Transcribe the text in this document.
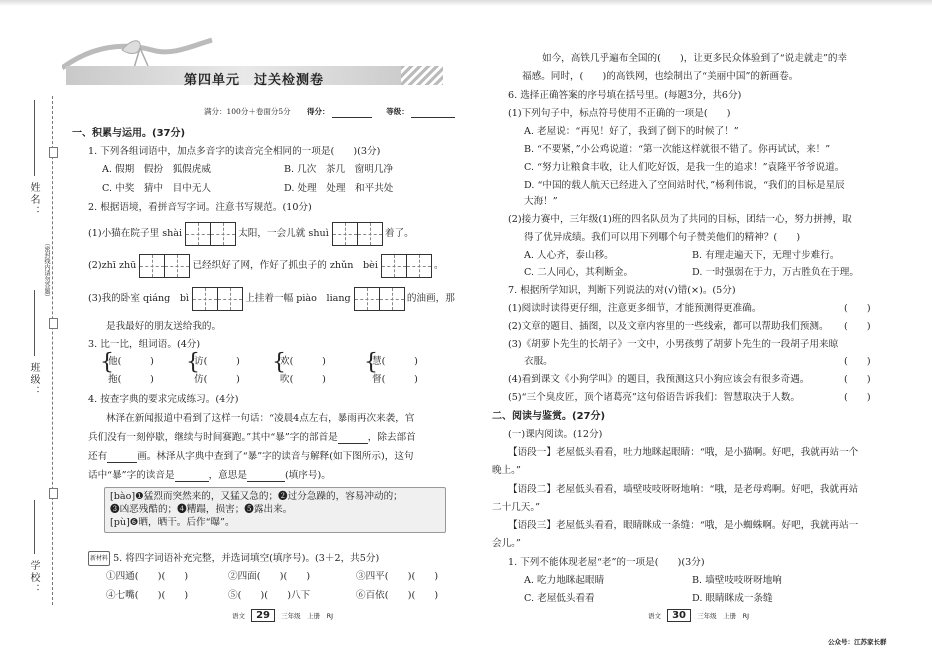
姓名：
班级：
学校：
（密封线内请勿答题）
第四单元　过关检测卷
满分：100分＋卷面分5分 得分：	等级：
一、积累与运用。(37分)
1. 下列各组词语中，加点多音字的读音完全相同的一项是(　　)(3分)
A. 假期　假扮　狐假虎威	B. 几次　茶几　窗明几净
C. 中奖　猜中　目中无人	D. 处理　处理　和平共处
2. 根据语境，看拼音写字词。注意书写规范。(10分)
(1)小猫在院子里 shài	太阳，一会儿就 shuì	着了。
(2)zhī zhū	已经织好了网，作好了抓虫子的 zhǔn　bèi	。
(3)我的卧室 qiáng　bì	上挂着一幅 piào　liang	的油画，那
是我最好的朋友送给我的。
3. 比一比，组词语。(4分)
{
他(　　　)
拖(　　　)
{
访(　　　)
仿(　　　)
{
欢(　　　)
吹(　　　)
{
慧(　　　)
督(　　　)
4. 按查字典的要求完成练习。(4分)
林泽在新闻报道中看到了这样一句话：“凌晨4点左右，暴雨再次来袭，官
兵们没有一刻停歇，继续与时间赛跑。”其中“暴”字的部首是	，除去部首
还有	画。林泽从字典中查到了“暴”字的读音与解释(如下图所示)，这句
话中“暴”字的读音是	，意思是	(填序号)。
[bào]❶猛烈而突然来的，又猛又急的；❷过分急躁的，容易冲动的；
❸凶恶残酷的；❹糟蹋，损害；❺露出来。
[pù]❻晒，晒干。后作“曝”。
新材料 5. 将四字词语补充完整，并选词填空(填序号)。(3＋2，共5分)
①四通(　　)(　　)	②四面(　　)(　　)	③四平(　　)(　　)
④七嘴(　　)(　　)	⑤(　　)(　　)八下	⑥百依(　　)(　　)
语文 29 三年级　上册　RJ
如今，高铁几乎遍布全国的(　　)，让更多民众体验到了“说走就走”的幸
福感。同时，(　　)的高铁网，也绘制出了“美丽中国”的新画卷。
6. 选择正确答案的序号填在括号里。(每题3分，共6分)
(1)下列句子中，标点符号使用不正确的一项是(　　)
A. 老屋说：“再见！好了，我到了倒下的时候了！”
B. “不要紧，”小公鸡说道：“第一次能这样就很不错了。你再试试，来！”
C. “努力让粮食丰收，让人们吃好饭，是我一生的追求！”袁隆平爷爷说道。
D. “中国的载人航天已经进入了空间站时代，”杨利伟说，“我们的目标是星辰
大海！”
(2)接力赛中，三年级(1)班的四名队员为了共同的目标，团结一心，努力拼搏，取
得了优异成绩。我们可以用下列哪个句子赞美他们的精神？(　　)
A. 人心齐，泰山移。	B. 有理走遍天下，无理寸步难行。
C. 二人同心，其利断金。	D. 一时强弱在于力，万古胜负在于理。
7. 根据所学知识，判断下列说法的对(√)错(×)。(5分)
(1)阅读时读得更仔细，注意更多细节，才能预测得更准确。	(　　)
(2)文章的题目、插图，以及文章内容里的一些线索，都可以帮助我们预测。 (　　)
(3)《胡萝卜先生的长胡子》一文中，小男孩剪了胡萝卜先生的一段胡子用来晾
衣服。	(　　)
(4)看到课文《小狗学叫》的题目，我预测这只小狗应该会有很多奇遇。	(　　)
(5)“三个臭皮匠，顶个诸葛亮”这句俗语告诉我们：智慧取决于人数。	(　　)
二、阅读与鉴赏。(27分)
(一)课内阅读。(12分)
【语段一】老屋低头看看，吐力地眯起眼睛：“哦，是小猫啊。好吧，我就再站一个
晚上。”
【语段二】老屋低头看看，墙壁吱吱呀呀地响：“哦，是老母鸡啊。好吧，我就再站
二十几天。”
【语段三】老屋低头看看，眼睛眯成一条缝：“哦，是小蜘蛛啊。好吧，我就再站一
会儿。”
1. 下列不能体现老屋“老”的一项是(　　)(3分)
A. 吃力地眯起眼睛	B. 墙壁吱吱呀呀地响
C. 老屋低头看看	D. 眼睛眯成一条缝
语文 30 三年级　上册　RJ
公众号：江苏家长群
